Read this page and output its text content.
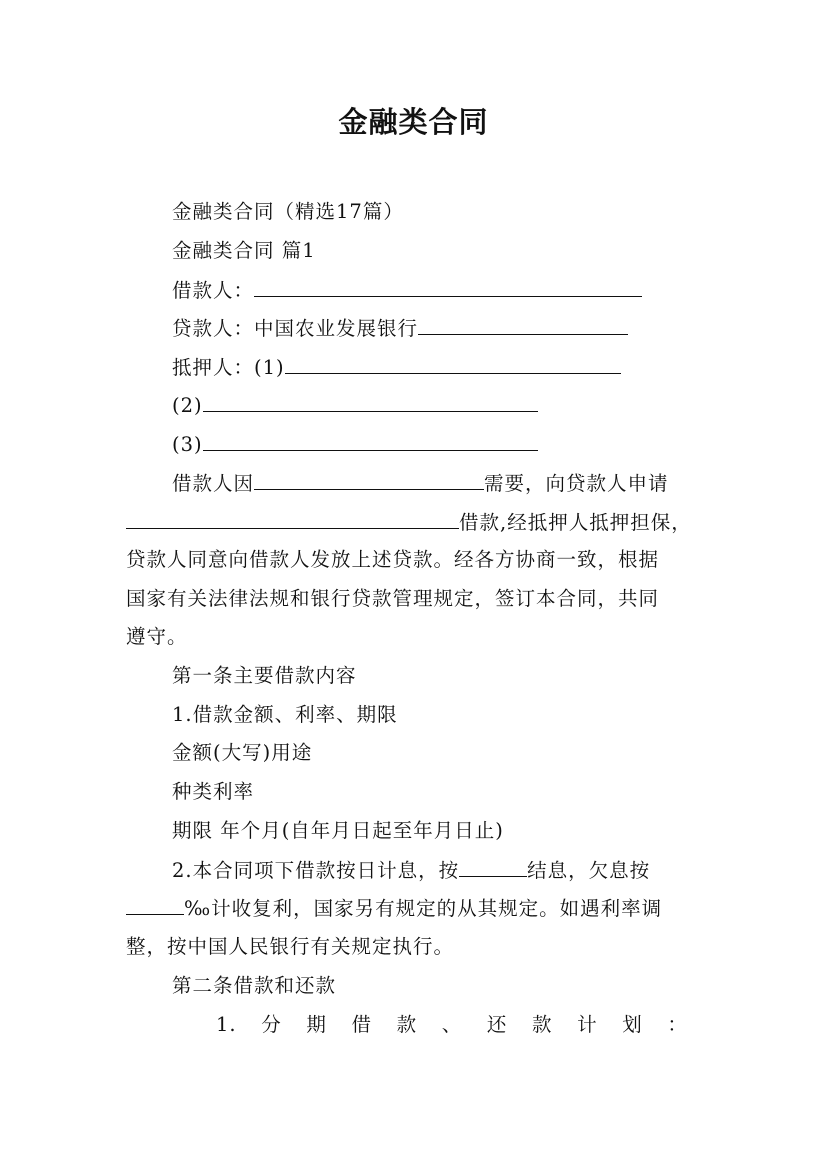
金融类合同
金融类合同（精选17篇）
金融类合同 篇1
借款人：
贷款人：中国农业发展银行
抵押人：(1)
(2)
(3)
借款人因	需要，向贷款人申请
借款,经抵押人抵押担保，
贷款人同意向借款人发放上述贷款。经各方协商一致，根据
国家有关法律法规和银行贷款管理规定，签订本合同，共同
遵守。
第一条主要借款内容
1.借款金额、利率、期限
金额(大写)用途
种类利率
期限 年个月(自年月日起至年月日止)
2.本合同项下借款按日计息，按	结息，欠息按
‰计收复利，国家另有规定的从其规定。如遇利率调
整，按中国人民银行有关规定执行。
第二条借款和还款
1. 分 期 借 款 、 还 款 计 划 ：
